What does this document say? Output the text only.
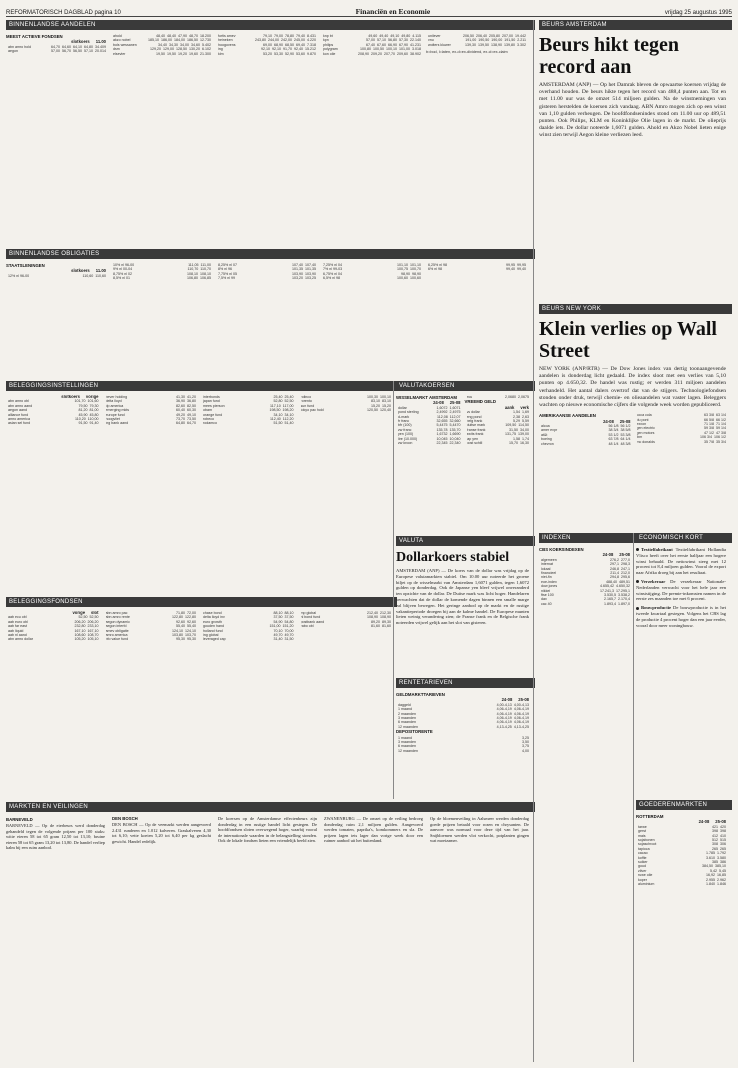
REFORMATORISCH DAGBLAD pagina 10	Financiën en Economie	vrijdag 25 augustus 1995
BINNENLANDSE AANDELEN
BINNENLANDSE OBLIGATIES
BELEGGINGSINSTELLINGEN	VALUTAKOERSEN
VALUTA
BELEGGINGSFONDSEN
RENTETARIEVEN
MARKTEN EN VEILINGEN
BEURS AMSTERDAM
BEURS NEW YORK
INDEXEN	ECONOMISCH KORT
GOEDERENMARKTEN
MEEST ACTIEVE FONDSEN
slotkoers 11.00
abn amro hold	64,70 64,60 64,10 64,80 34.409
aegon	57,00 56,70 56,50 57,10 20.014
ahold	48,40 48,40 47,90 48,70 18.200
akzo nobel	185,10 186,00 184,00 186,50 12.730
bols wessanen	34,40 34,30 34,00 34,60 5.402
dsm	129,20 129,00 128,50 130,20 6.102
elsevier	19,50 19,50 19,20 19,60 21.300
fortis amev	79,10 79,00 78,80 79,40 8.431
heineken	243,80 244,00 242,00 245,00 4.220
hoogovens	69,00 68,90 68,50 69,40 7.318
ing	92,10 92,10 91,70 92,40 15.212
klm	53,20 53,30 52,90 53,60 9.870
knp bt	49,60 49,40 49,10 49,80 4.115
kpn	57,00 57,10 56,80 57,30 22.140
philips	67,40 67,60 66,90 67,90 41.231
polygram	100,80 100,50 100,10 101,00 3.018
kon olie	208,90 209,20 207,70 209,60 38.902
unilever	206,50 206,40 205,80 207,00 19.442
vnu	191,00 190,50 190,00 191,50 2.211
wolters kluwer	139,30 139,50 138,90 139,80 3.302
b=bod, l=laten, ex-d=ex-dividend, ex-cl=ex-claim
STAATSLENINGEN
slotkoers 11.00
12% nl 96-00	110,60 110,60
10% nl 96-00	111,05 111,00
9% nl 00-04	110,70 110,70
8,75% nl 02	108,10 108,10
8,5% nl 01	106,80 106,85
8,25% nl 07	107,40 107,40
8% nl 96	101,35 101,35
7,75% nl 05	103,90 103,90
7,5% nl 99	103,20 103,25
7,25% nl 04	101,10 101,10
7% nl 99-03	100,75 100,70
6,75% nl 04	98,90 98,90
6,5% nl 98	100,60 100,60
6,25% nl 98	99,95 99,95
6% nl 98	99,40 99,40
slotkoers vorige
abn amro obl	101,70 101,60
abn amro aand	79,50 79,30
aegon aand	81,20 81,00
alliance fund	45,90 45,80
amro america	110,20 110,00
asian sel fund	91,50 91,40
bever holding	41,30 41,20
delta lloyd	36,90 36,80
dp america	82,60 82,50
emerging mkts	60,40 60,30
europe fund	49,20 49,10
hoogvliet	73,70 73,50
ing bank aand	64,80 64,70
interbonds	25,40 25,40
japan fund	52,80 52,50
mees pierson	117,10 117,00
obam	198,50 198,20
orange fund	34,10 34,10
robeco	112,40 112,20
rodamco	51,50 51,40
rolinco	100,30 100,10
rorento	83,10 83,10
sun fund	15,20 15,20
tokyo pac hold	120,50 120,40
WISSELMARKT AMSTERDAM
24-08 25-08
dollar	1,6072 1,6071
pond sterling	2,4992 2,4975
d-mark	112,08 112,07
fr franc	32,655 32,660
bfr (100)	5,4475 5,4470
zw franc	135,78 135,70
yen (100)	1,6732 1,6690
lire (10.000)	10,045 10,040
zw kroon	22,345 22,340
ecu	2,0680 2,0675
VREEMD GELD
aank verk
vs dollar	1,54 1,69
eng pond	2,38 2,63
belg frank	5,29 5,59
duitse mark	109,50 114,50
franse frank	31,50 34,00
zwits frank	131,75 139,00
jap yen	1,58 1,74
oost schill	15,70 16,30
Dollarkoers stabiel
AMSTERDAM (ANP) — De koers van de dollar was vrijdag op de Europese valutamarkten stabiel. Om 10.00 uur noteerde het groene biljet op de wisselmarkt van Amsterdam 1,6071 gulden, tegen 1,6072 gulden op donderdag. Ook de Japanse yen bleef vrijwel onveranderd ten opzichte van de dollar. De Duitse mark was licht hoger. Handelaren verwachten dat de dollar de komende dagen binnen een smalle marge zal blijven bewegen. Het geringe aanbod op de markt en de rustige vakantieperiode droegen bij aan de kalme handel. De Europese munten lieten weinig verandering zien; de Franse frank en de Belgische frank noteerden vrijwel gelijk aan het slot van gisteren.
vorige slot
aab ecu obl	52,50 52,50
aab euro obl	206,20 206,20
aab far east	232,80 233,10
aab liquid	167,10 167,10
aab nl aand	108,60 108,70
abn amro dollar	105,20 105,10
abn amro pac	71,80 72,00
abn amro rente	122,80 122,80
aegon dynamic	92,60 92,60
aegon interfd	55,40 55,40
amev obligatie	124,10 124,10
amro america	103,80 103,70
bfo value fund	95,30 95,30
chase bond	88,10 88,10
delta lloyd inv	37,50 37,50
euro growth	54,90 54,80
gouden hand	151,00 151,20
holland fund	70,10 70,00
ing global	49,70 49,70
leveraged cap	31,40 31,50
mp global	212,40 212,30
nl bond fund	108,90 108,90
postbank aand	89,20 89,30
rabo obl	81,60 81,60
GELDMARKTTARIEVEN
24-08 25-08
daggeld	4,00-4,13 4,00-4,13
1 maand	4,06-4,19 4,06-4,19
2 maanden	4,06-4,19 4,06-4,19
3 maanden	4,06-4,19 4,06-4,19
6 maanden	4,06-4,19 4,06-4,19
12 maanden	4,13-4,25 4,13-4,25
DEPOSITORENTE
1 maand	3,25
3 maanden	3,50
6 maanden	3,75
12 maanden	4,00
BARNEVELD
BARNEVELD — Op de eierbeurs werd donderdag gehandeld tegen de volgende prijzen per 100 stuks: witte eieren 58 tot 65 gram 12,50 tot 13,10; bruine eieren 58 tot 65 gram 13,20 tot 13,80. De handel verliep kalm bij een ruim aanbod.
DEN BOSCH
DEN BOSCH — Op de veemarkt werden aangevoerd 2.431 runderen en 1.012 kalveren. Graskalveren 4,30 tot 6,10; vette koeien 5,20 tot 6,40 per kg geslacht gewicht. Handel redelijk.
De koersen op de Amsterdamse effectenbeurs zijn donderdag in een rustige handel licht gestegen. De hoofdfondsen sloten overwegend hoger, waarbij vooral de internationale waarden in de belangstelling stonden. Ook de lokale fondsen lieten een vriendelijk beeld zien.
ZWANENBURG — De omzet op de veiling bedroeg donderdag ruim 2,1 miljoen gulden. Aangevoerd werden tomaten, paprika's, komkommers en sla. De prijzen lagen iets lager dan vorige week door een ruimer aanbod uit het buitenland.
Op de bloemenveiling in Aalsmeer werden donderdag goede prijzen betaald voor rozen en chrysanten. De aanvoer was normaal voor deze tijd van het jaar. Snijbloemen werden vlot verkocht, potplanten gingen wat moeizamer.
Beurs hikt tegen record aan
AMSTERDAM (ANP) — Op het Damrak bleven de opwaartse koersen vrijdag de overhand houden. De beurs hikte tegen het record van 488,4 punten aan. Tot en met 11.00 uur was de omzet 514 miljoen gulden. Na de winstnemingen van gisteren herstelden de koersen zich vandaag. ABN Amro mogen zich op een winst van 1,10 gulden verheugen. De hoofdfondsenindex stond om 11.00 uur op 489,51 punten. Ook Philips, KLM en Koninklijke Olie lagen in de markt. De olieprijs daalde iets. De dollar noteerde 1,6071 gulden. Ahold en Akzo Nobel lieten enige winst zien terwijl Aegon kleine verliezen leed.
Klein verlies op Wall Street
NEW YORK (ANP/RTR) — De Dow Jones index van dertig toonaangevende aandelen is donderdag licht gedaald. De index sloot met een verlies van 5,10 punten op 4.650,32. De handel was rustig; er werden 311 miljoen aandelen verhandeld. Het aantal dalers overtrof dat van de stijgers. Technologiefondsen stonden onder druk, terwijl chemie- en olieaandelen wat vaster lagen. Beleggers wachten op nieuwe economische cijfers die volgende week worden gepubliceerd.
AMERIKAANSE AANDELEN
24-08 25-08
alcoa	56 1/8 56 1/2
amer expr	38 3/4 38 5/8
at&t	53 1/2 53 3/8
boeing	63 7/8 64 1/4
chevron	48 1/4 48 3/8
coca cola	63 3/8 63 1/4
du pont	66 5/8 66 1/2
exxon	71 1/8 71 1/4
gen electric	59 3/8 59 1/4
gen motors	47 1/2 47 3/8
ibm	106 3/4 106 1/2
mc donalds	35 7/8 35 3/4
CBS KOERSINDEXEN
24-08 25-08
algemeen	276,2 277,0
internat	297,1 298,3
lokaal	246,8 247,1
financieel	211,4 212,0
niet-fin	294,8 295,6
eoe-index	488,40 489,51
dow jones	4.655,42 4.650,32
nikkei	17.241,3 17.295,1
ftse 100	3.530,5 3.538,2
dax	2.165,7 2.170,4
cac 40	1.893,4 1.897,0
Textielfabrikant Textielfabrikant Hollandia Vlisco heeft over het eerste halfjaar een hogere winst behaald. De nettowinst steeg met 12 procent tot 8,4 miljoen gulden. Vooral de export naar Afrika droeg bij aan het resultaat.
Verzekeraar De verzekeraar Nationale-Nederlanden verwacht voor het hele jaar een winststijging. De premie-inkomsten namen in de eerste zes maanden toe met 6 procent.
Bouwproductie De bouwproductie is in het tweede kwartaal gestegen. Volgens het CBS lag de productie 4 procent hoger dan een jaar eerder, vooral door meer woningbouw.
ROTTERDAM
24-08 25-08
tarwe	421 420
gerst	398 398
mais	412 410
sojabonen	512 515
sojaschroot	308 306
tapioca	265 265
cacao	1.785 1.792
koffie	3.610 3.580
suiker	385 386
goud	384,50 385,10
zilver	5,42 5,45
ruwe olie	16,92 16,85
koper	2.955 2.962
aluminium	1.840 1.846
